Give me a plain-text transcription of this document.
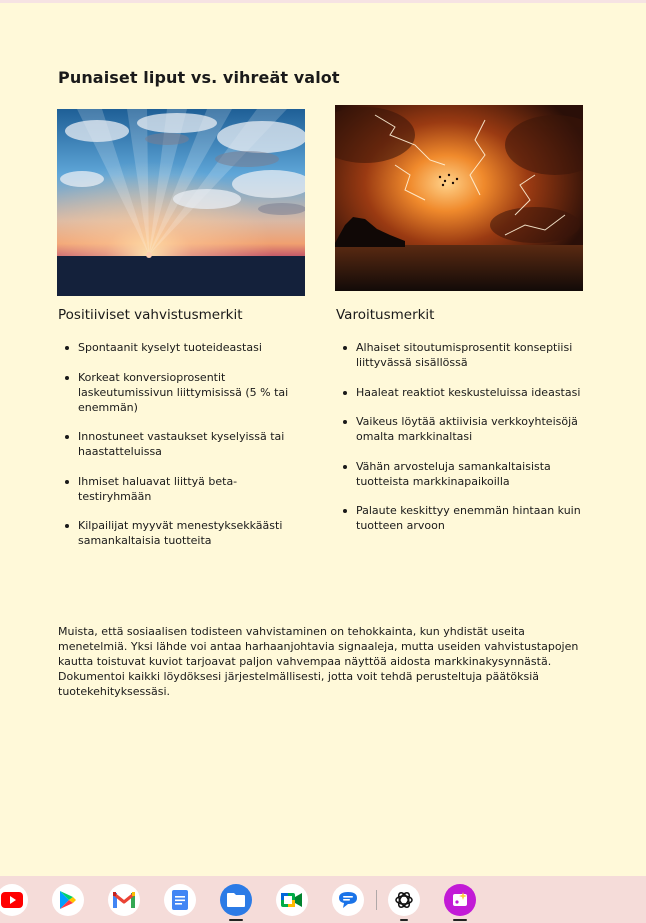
Punaiset liput vs. vihreät valot
Positiiviset vahvistusmerkit
Spontaanit kyselyt tuoteideastasi
Korkeat konversioprosentit laskeutumissivun liittymisissä (5 % tai enemmän)
Innostuneet vastaukset kyselyissä tai haastatteluissa
Ihmiset haluavat liittyä beta-testiryhmään
Kilpailijat myyvät menestyksekkäästi samankaltaisia tuotteita
Varoitusmerkit
Alhaiset sitoutumisprosentit konseptiisi liittyvässä sisällössä
Haaleat reaktiot keskusteluissa ideastasi
Vaikeus löytää aktiivisia verkkoyhteisöjä omalta markkinaltasi
Vähän arvosteluja samankaltaisista tuotteista markkinapaikoilla
Palaute keskittyy enemmän hintaan kuin tuotteen arvoon

Muista, että sosiaalisen todisteen vahvistaminen on tehokkainta, kun yhdistät useita menetelmiä. Yksi lähde voi antaa harhaanjohtavia signaaleja, mutta useiden vahvistustapojen kautta toistuvat kuviot tarjoavat paljon vahvempaa näyttöä aidosta markkinakysynnästä. Dokumentoi kaikki löydöksesi järjestelmällisesti, jotta voit tehdä perusteltuja päätöksiä tuotekehityksessäsi.
